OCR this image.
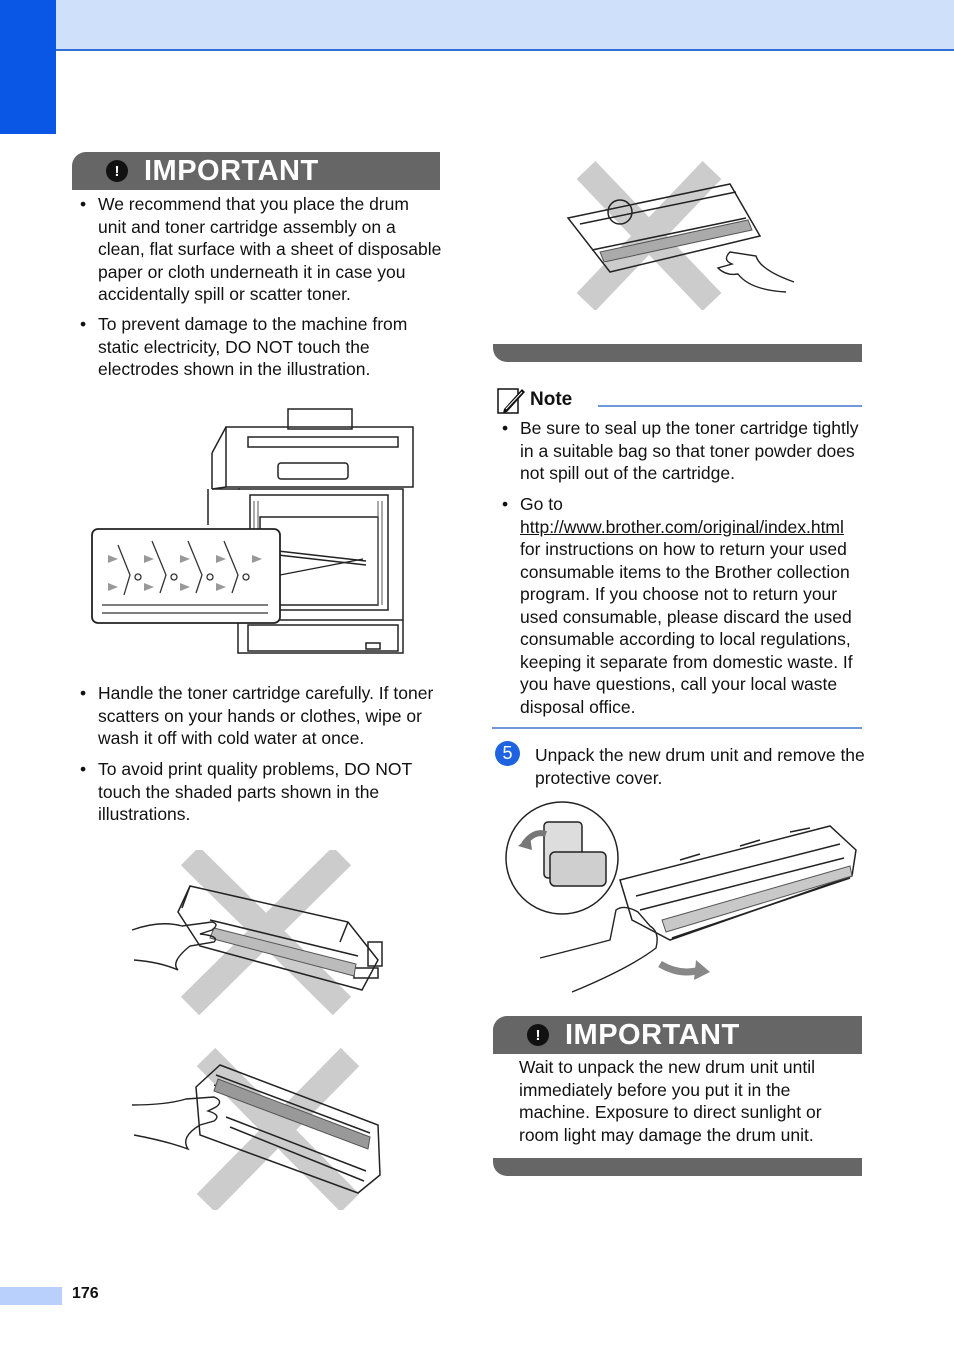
! IMPORTANT
• We recommend that you place the drum unit and toner cartridge assembly on a clean, flat surface with a sheet of disposable paper or cloth underneath it in case you accidentally spill or scatter toner.
• To prevent damage to the machine from static electricity, DO NOT touch the electrodes shown in the illustration.
• Handle the toner cartridge carefully. If toner scatters on your hands or clothes, wipe or wash it off with cold water at once.
• To avoid print quality problems, DO NOT touch the shaded parts shown in the illustrations.
Note
• Be sure to seal up the toner cartridge tightly in a suitable bag so that toner powder does not spill out of the cartridge.
• Go to
http://www.brother.com/original/index.html
for instructions on how to return your used consumable items to the Brother collection program. If you choose not to return your used consumable, please discard the used consumable according to local regulations, keeping it separate from domestic waste. If you have questions, call your local waste disposal office.
5	Unpack the new drum unit and remove the protective cover.
! IMPORTANT
Wait to unpack the new drum unit until immediately before you put it in the machine. Exposure to direct sunlight or room light may damage the drum unit.
176
